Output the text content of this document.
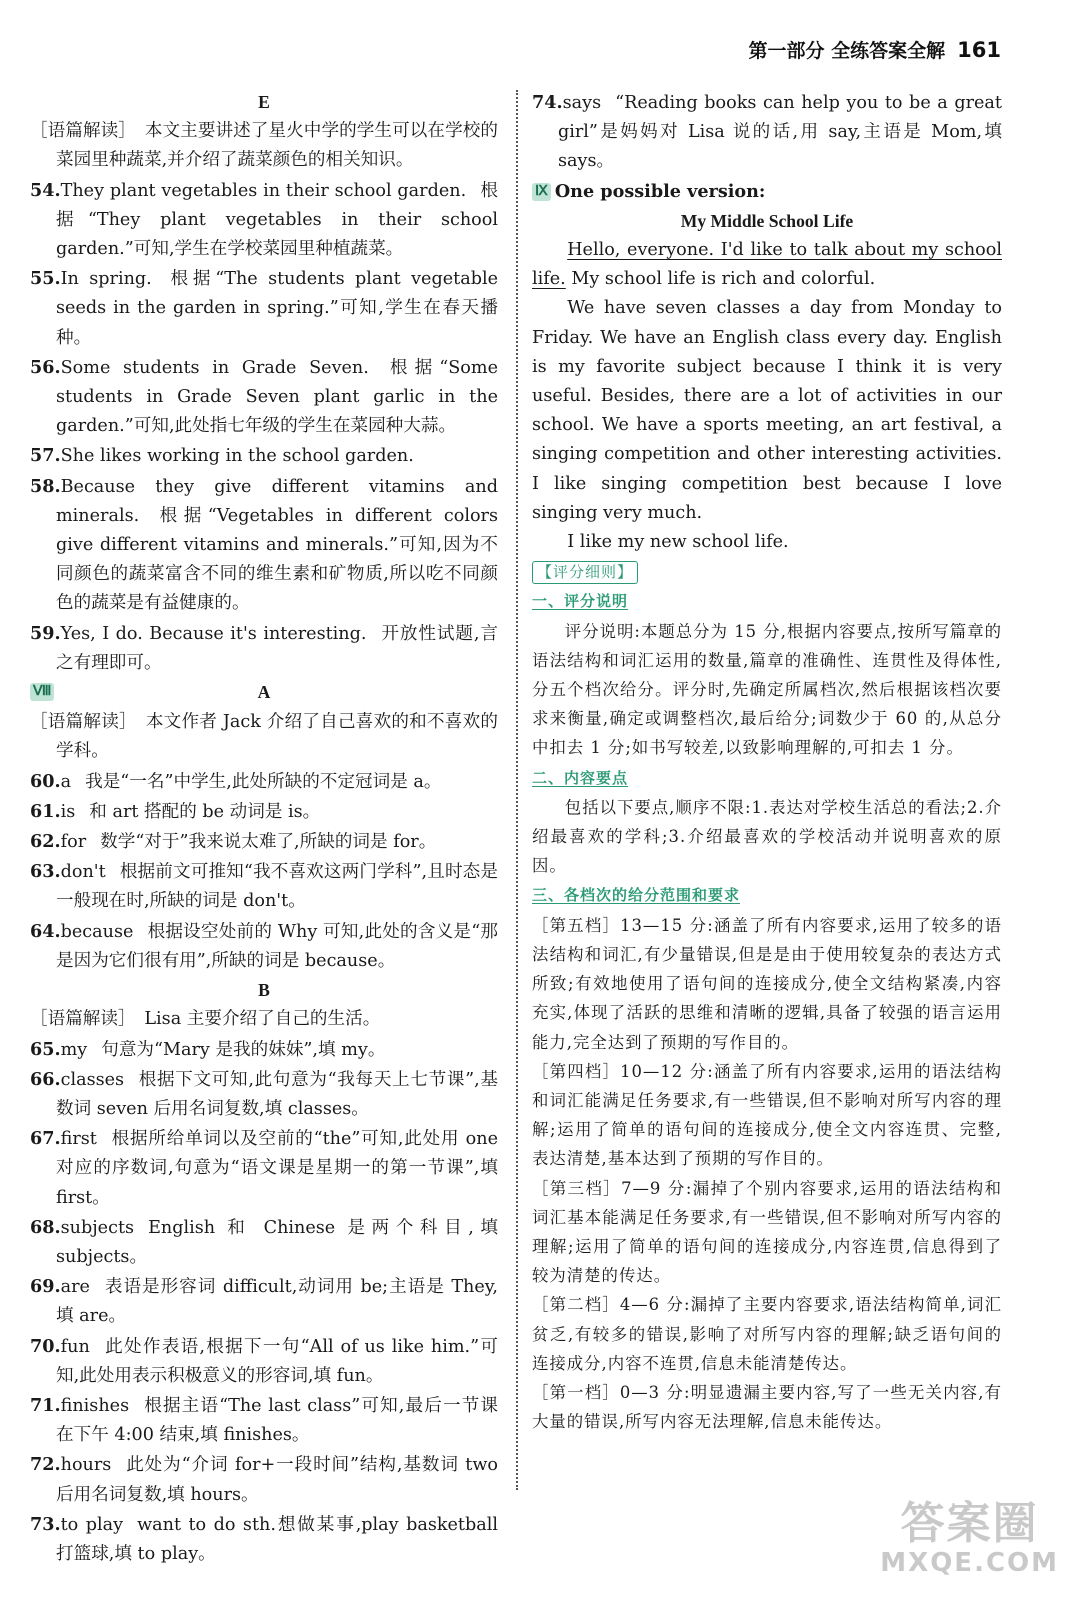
第一部分 全练答案全解 161
E
［语篇解读］　本文主要讲述了星火中学的学生可以在学校的菜园里种蔬菜,并介绍了蔬菜颜色的相关知识。
54.They plant vegetables in their school garden. 根据“They plant vegetables in their school garden.”可知,学生在学校菜园里种植蔬菜。
55.In spring. 根据“The students plant vegetable seeds in the garden in spring.”可知,学生在春天播种。
56.Some students in Grade Seven. 根据“Some students in Grade Seven plant garlic in the garden.”可知,此处指七年级的学生在菜园种大蒜。
57.She likes working in the school garden.
58.Because they give different vitamins and minerals. 根据“Vegetables in different colors give different vitamins and minerals.”可知,因为不同颜色的蔬菜富含不同的维生素和矿物质,所以吃不同颜色的蔬菜是有益健康的。
59.Yes, I do. Because it's interesting. 开放性试题,言之有理即可。
Ⅷ	A
［语篇解读］　本文作者 Jack 介绍了自己喜欢的和不喜欢的学科。
60.a 我是“一名”中学生,此处所缺的不定冠词是 a。
61.is 和 art 搭配的 be 动词是 is。
62.for 数学“对于”我来说太难了,所缺的词是 for。
63.don't 根据前文可推知“我不喜欢这两门学科”,且时态是一般现在时,所缺的词是 don't。
64.because 根据设空处前的 Why 可知,此处的含义是“那是因为它们很有用”,所缺的词是 because。
B
［语篇解读］　Lisa 主要介绍了自己的生活。
65.my 句意为“Mary 是我的妹妹”,填 my。
66.classes 根据下文可知,此句意为“我每天上七节课”,基数词 seven 后用名词复数,填 classes。
67.first 根据所给单词以及空前的“the”可知,此处用 one 对应的序数词,句意为“语文课是星期一的第一节课”,填 first。
68.subjects English 和 Chinese 是两个科目,填 subjects。
69.are 表语是形容词 difficult,动词用 be;主语是 They,填 are。
70.fun 此处作表语,根据下一句“All of us like him.”可知,此处用表示积极意义的形容词,填 fun。
71.finishes 根据主语“The last class”可知,最后一节课在下午 4:00 结束,填 finishes。
72.hours 此处为“介词 for+一段时间”结构,基数词 two 后用名词复数,填 hours。
73.to play want to do sth.想做某事,play basketball 打篮球,填 to play。
74.says “Reading books can help you to be a great girl”是妈妈对 Lisa 说的话,用 say,主语是 Mom,填 says。
Ⅸ One possible version:
My Middle School Life
Hello, everyone. I'd like to talk about my school life. My school life is rich and colorful.
We have seven classes a day from Monday to Friday. We have an English class every day. English is my favorite subject because I think it is very useful. Besides, there are a lot of activities in our school. We have a sports meeting, an art festival, a singing competition and other interesting activities. I like singing competition best because I love singing very much.
I like my new school life.
【评分细则】
一、评分说明
评分说明:本题总分为 15 分,根据内容要点,按所写篇章的语法结构和词汇运用的数量,篇章的准确性、连贯性及得体性,分五个档次给分。评分时,先确定所属档次,然后根据该档次要求来衡量,确定或调整档次,最后给分;词数少于 60 的,从总分中扣去 1 分;如书写较差,以致影响理解的,可扣去 1 分。
二、内容要点
包括以下要点,顺序不限:1.表达对学校生活总的看法;2.介绍最喜欢的学科;3.介绍最喜欢的学校活动并说明喜欢的原因。
三、各档次的给分范围和要求
［第五档］13—15 分:涵盖了所有内容要求,运用了较多的语法结构和词汇,有少量错误,但是是由于使用较复杂的表达方式所致;有效地使用了语句间的连接成分,使全文结构紧凑,内容充实,体现了活跃的思维和清晰的逻辑,具备了较强的语言运用能力,完全达到了预期的写作目的。
［第四档］10—12 分:涵盖了所有内容要求,运用的语法结构和词汇能满足任务要求,有一些错误,但不影响对所写内容的理解;运用了简单的语句间的连接成分,使全文内容连贯、完整,表达清楚,基本达到了预期的写作目的。
［第三档］7—9 分:漏掉了个别内容要求,运用的语法结构和词汇基本能满足任务要求,有一些错误,但不影响对所写内容的理解;运用了简单的语句间的连接成分,内容连贯,信息得到了较为清楚的传达。
［第二档］4—6 分:漏掉了主要内容要求,语法结构简单,词汇贫乏,有较多的错误,影响了对所写内容的理解;缺乏语句间的连接成分,内容不连贯,信息未能清楚传达。
［第一档］0—3 分:明显遗漏主要内容,写了一些无关内容,有大量的错误,所写内容无法理解,信息未能传达。
答案圈
MXQE.COM
